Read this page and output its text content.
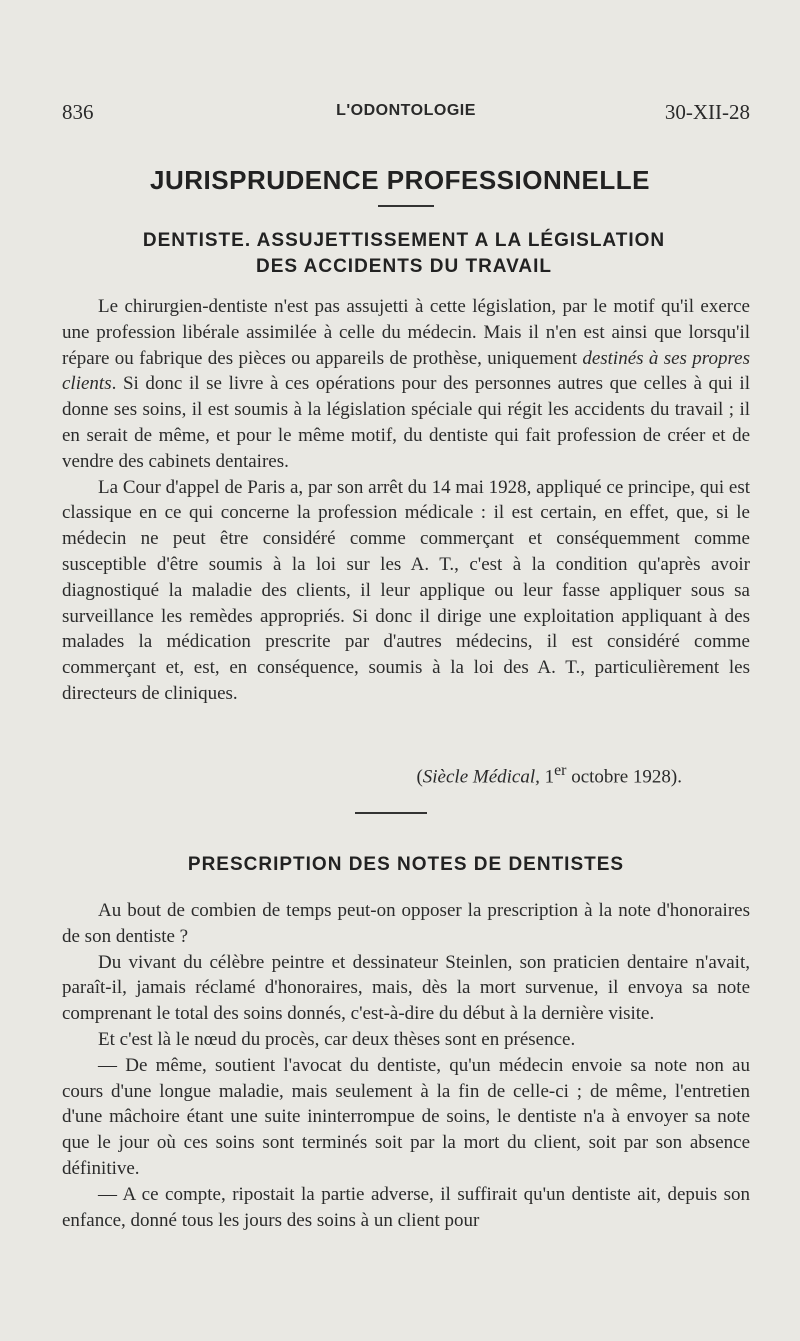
836	L'ODONTOLOGIE	30-XII-28
JURISPRUDENCE PROFESSIONNELLE
DENTISTE. ASSUJETTISSEMENT A LA LÉGISLATION
DES ACCIDENTS DU TRAVAIL

Le chirurgien-dentiste n'est pas assujetti à cette législation, par le motif qu'il exerce une profession libérale assimilée à celle du médecin. Mais il n'en est ainsi que lorsqu'il répare ou fabrique des pièces ou appareils de prothèse, uniquement destinés à ses propres clients. Si donc il se livre à ces opérations pour des personnes autres que celles à qui il donne ses soins, il est soumis à la législation spéciale qui régit les accidents du travail ; il en serait de même, et pour le même motif, du dentiste qui fait profession de créer et de vendre des cabinets dentaires.

La Cour d'appel de Paris a, par son arrêt du 14 mai 1928, appliqué ce principe, qui est classique en ce qui concerne la profession médicale : il est certain, en effet, que, si le médecin ne peut être considéré comme commerçant et conséquemment comme susceptible d'être soumis à la loi sur les A. T., c'est à la condition qu'après avoir diagnostiqué la maladie des clients, il leur applique ou leur fasse appliquer sous sa surveillance les remèdes appropriés. Si donc il dirige une exploitation appliquant à des malades la médication prescrite par d'autres médecins, il est considéré comme commerçant et, est, en conséquence, soumis à la loi des A. T., particulièrement les directeurs de cliniques.

(Siècle Médical, 1er octobre 1928).
PRESCRIPTION DES NOTES DE DENTISTES

Au bout de combien de temps peut-on opposer la prescription à la note d'honoraires de son dentiste ?

Du vivant du célèbre peintre et dessinateur Steinlen, son praticien dentaire n'avait, paraît-il, jamais réclamé d'honoraires, mais, dès la mort survenue, il envoya sa note comprenant le total des soins donnés, c'est-à-dire du début à la dernière visite.

Et c'est là le nœud du procès, car deux thèses sont en présence.

— De même, soutient l'avocat du dentiste, qu'un médecin envoie sa note non au cours d'une longue maladie, mais seulement à la fin de celle-ci ; de même, l'entretien d'une mâchoire étant une suite ininterrompue de soins, le dentiste n'a à envoyer sa note que le jour où ces soins sont terminés soit par la mort du client, soit par son absence définitive.

— A ce compte, ripostait la partie adverse, il suffirait qu'un dentiste ait, depuis son enfance, donné tous les jours des soins à un client pour
